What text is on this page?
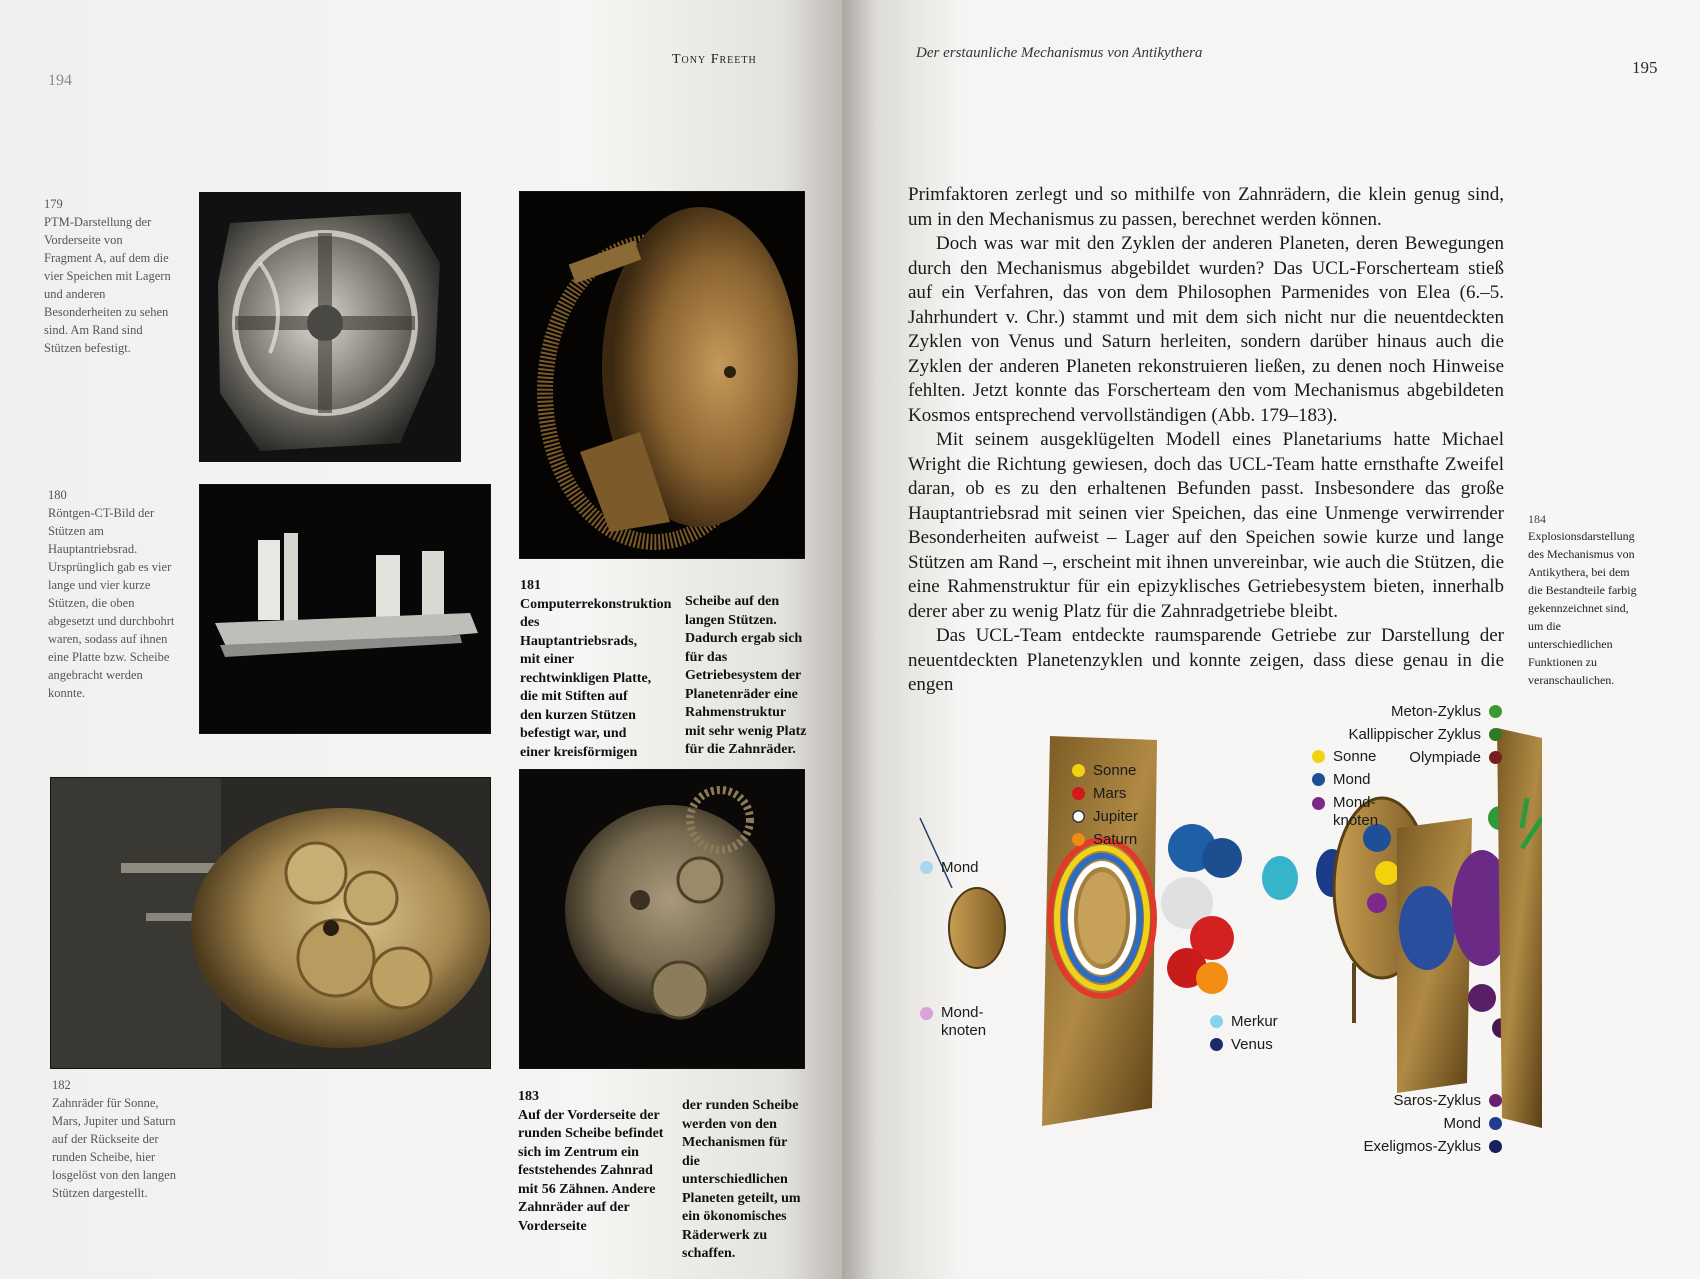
194
Tony Freeth
179
PTM-Darstellung der Vorderseite von Fragment A, auf dem die vier Speichen mit Lagern und anderen Besonderheiten zu sehen sind. Am Rand sind Stützen befestigt.
180
Röntgen-CT-Bild der Stützen am Hauptantriebsrad. Ursprünglich gab es vier lange und vier kurze Stützen, die oben abgesetzt und durchbohrt waren, sodass auf ihnen eine Platte bzw. Scheibe angebracht werden konnte.
181
Computerrekonstruktion des Hauptantriebsrads, mit einer rechtwinkligen Platte, die mit Stiften auf den kurzen Stützen befestigt war, und einer kreisförmigen
Scheibe auf den langen Stützen. Dadurch ergab sich für das Getriebesystem der Planetenräder eine Rahmenstruktur mit sehr wenig Platz für die Zahnräder.
182
Zahnräder für Sonne, Mars, Jupiter und Saturn auf der Rückseite der runden Scheibe, hier losgelöst von den langen Stützen dargestellt.
183
Auf der Vorderseite der runden Scheibe befindet sich im Zentrum ein feststehendes Zahnrad mit 56 Zähnen. Andere Zahnräder auf der Vorderseite
der runden Scheibe werden von den Mechanismen für die unterschiedlichen Planeten geteilt, um ein ökonomisches Räderwerk zu schaffen.
Der erstaunliche Mechanismus von Antikythera
195

Primfaktoren zerlegt und so mithilfe von Zahnrädern, die klein genug sind, um in den Mechanismus zu passen, berechnet werden können.

Doch was war mit den Zyklen der anderen Planeten, deren Bewegungen durch den Mechanismus abgebildet wurden? Das UCL-Forscherteam stieß auf ein Verfahren, das von dem Philosophen Parmenides von Elea (6.–5. Jahrhundert v. Chr.) stammt und mit dem sich nicht nur die neuentdeckten Zyklen von Venus und Saturn herleiten, sondern darüber hinaus auch die Zyklen der anderen Planeten rekonstruieren ließen, zu denen noch Hinweise fehlten. Jetzt konnte das Forscherteam den vom Mechanismus abgebildeten Kosmos entsprechend vervollständigen (Abb. 179–183).

Mit seinem ausgeklügelten Modell eines Planetariums hatte Michael Wright die Richtung gewiesen, doch das UCL-Team hatte ernsthafte Zweifel daran, ob es zu den erhaltenen Befunden passt. Insbesondere das große Hauptantriebsrad mit seinen vier Speichen, das eine Unmenge verwirrender Besonderheiten aufweist – Lager auf den Speichen sowie kurze und lange Stützen am Rand –, erscheint mit ihnen unvereinbar, wie auch die Stützen, die eine Rahmenstruktur für ein epizyklisches Getriebesystem bieten, innerhalb derer aber zu wenig Platz für die Zahnradgetriebe bleibt.

Das UCL-Team entdeckte raumsparende Getriebe zur Darstellung der neuentdeckten Planetenzyklen und konnte zeigen, dass diese genau in die engen

184
Explosionsdarstellung des Mechanismus von Antikythera, bei dem die Bestandteile farbig gekennzeichnet sind, um die unterschiedlichen Funktionen zu veranschaulichen.
Sonne
Mars
Jupiter
Saturn
Mond
Mond-
knoten
Sonne
Mond
Mond-
knoten
Merkur
Venus
Meton-Zyklus
Kallippischer Zyklus
Olympiade
Saros-Zyklus
Mond
Exeligmos-Zyklus
